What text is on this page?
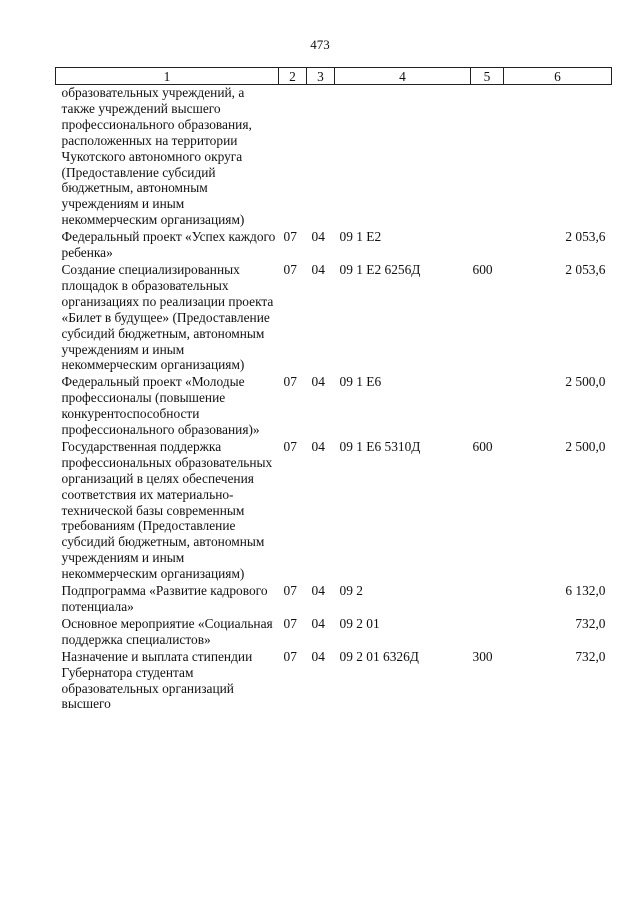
473
1	2	3	4	5	6
образовательных учреждений, а также учреждений высшего профессионального образования, расположенных на территории Чукотского автономного округа (Предоставление субсидий бюджетным, автономным учреждениям и иным некоммерческим организациям)					
Федеральный проект «Успех каждого ребенка»	07	04	09 1 E2		2 053,6
Создание специализированных площадок в образовательных организациях по реализации проекта «Билет в будущее» (Предоставление субсидий бюджетным, автономным учреждениям и иным некоммерческим организациям)	07	04	09 1 E2 6256Д	600	2 053,6
Федеральный проект «Молодые профессионалы (повышение конкурентоспособности профессионального образования)»	07	04	09 1 E6		2 500,0
Государственная поддержка профессиональных образовательных организаций в целях обеспечения соответствия их материально-технической базы современным требованиям (Предоставление субсидий бюджетным, автономным учреждениям и иным некоммерческим организациям)	07	04	09 1 E6 5310Д	600	2 500,0
Подпрограмма «Развитие кадрового потенциала»	07	04	09 2		6 132,0
Основное мероприятие «Социальная поддержка специалистов»	07	04	09 2 01		732,0
Назначение и выплата стипендии Губернатора студентам образовательных организаций высшего	07	04	09 2 01 6326Д	300	732,0
